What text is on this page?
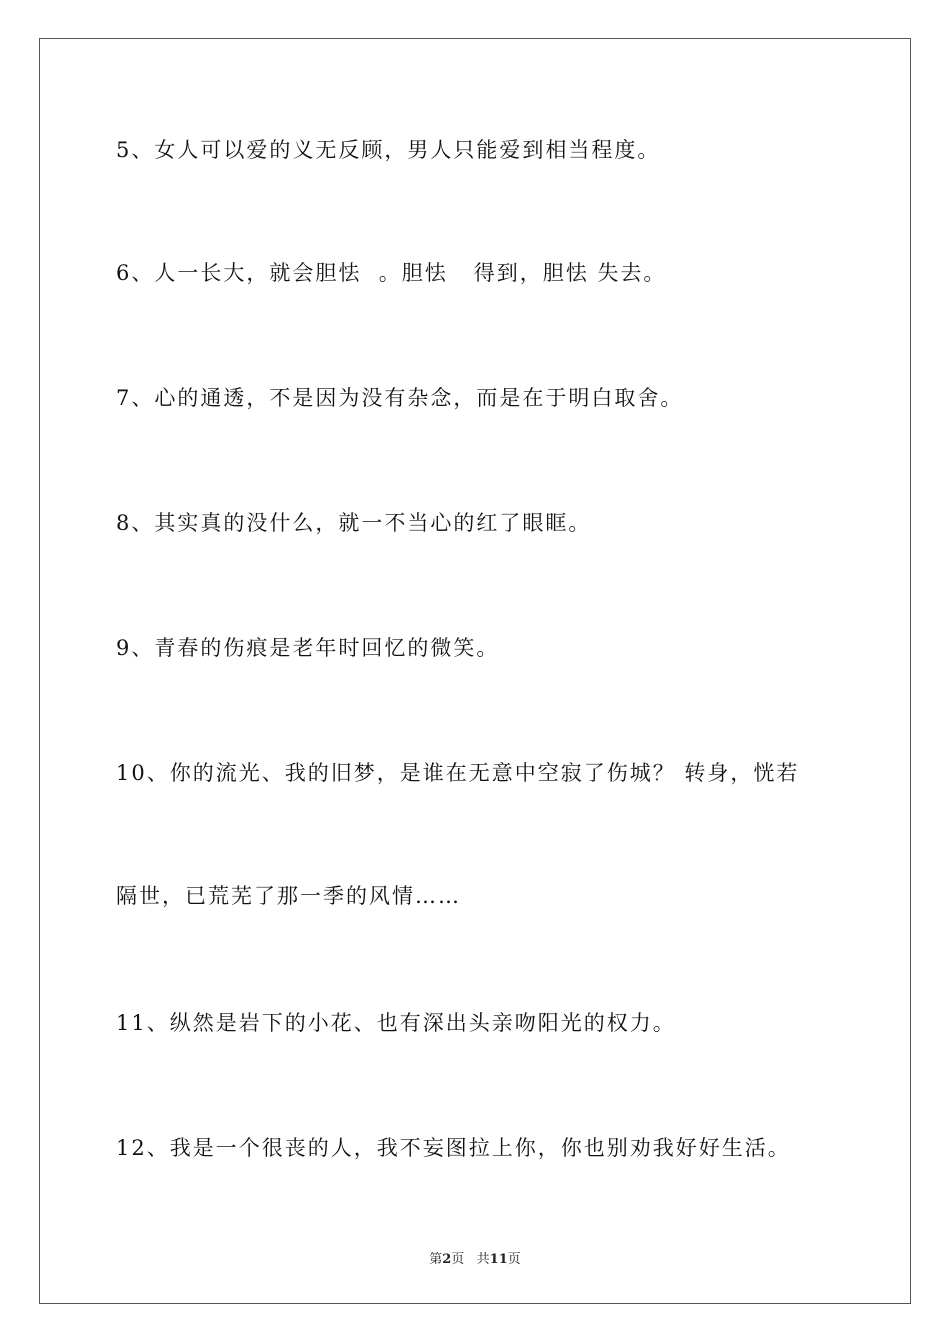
5、女人可以爱的义无反顾，男人只能爱到相当程度。
6、人一长大，就会胆怯  。胆怯   得到，胆怯 失去。
7、心的通透，不是因为没有杂念，而是在于明白取舍。
8、其实真的没什么，就一不当心的红了眼眶。
9、青春的伤痕是老年时回忆的微笑。
10、你的流光、我的旧梦，是谁在无意中空寂了伤城？ 转身，恍若
隔世，已荒芜了那一季的风情……
11、纵然是岩下的小花、也有深出头亲吻阳光的权力。
12、我是一个很丧的人，我不妄图拉上你，你也别劝我好好生活。
第2页   共11页
